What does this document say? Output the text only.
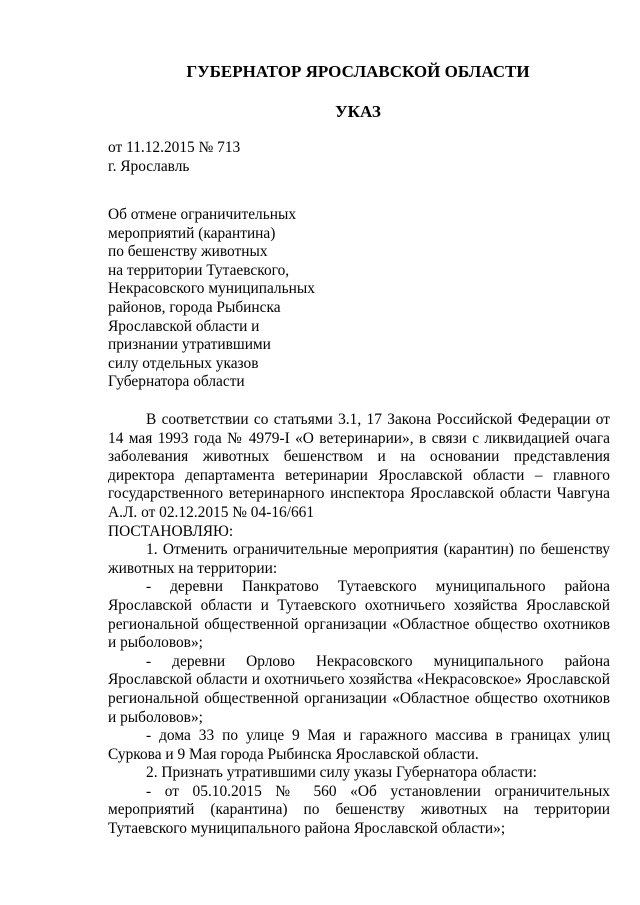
ГУБЕРНАТОР ЯРОСЛАВСКОЙ ОБЛАСТИ
УКАЗ
от 11.12.2015 № 713
г. Ярославль
Об отмене ограничительных
мероприятий (карантина)
по бешенству животных
на территории Тутаевского,
Некрасовского муниципальных
районов, города Рыбинска
Ярославской области и
признании утратившими
силу отдельных указов
Губернатора области

В соответствии со статьями 3.1, 17 Закона Российской Федерации от 14 мая 1993 года № 4979-I «О ветеринарии», в связи с ликвидацией очага заболевания животных бешенством и на основании представления директора департамента ветеринарии Ярославской области – главного государственного ветеринарного инспектора Ярославской области Чавгуна А.Л. от 02.12.2015 № 04-16/661

ПОСТАНОВЛЯЮ:

1. Отменить ограничительные мероприятия (карантин) по бешенству животных на территории:

- деревни Панкратово Тутаевского муниципального района Ярославской области и Тутаевского охотничьего хозяйства Ярославской региональной общественной организации «Областное общество охотников и рыболовов»;

- деревни Орлово Некрасовского муниципального района Ярославской области и охотничьего хозяйства «Некрасовское» Ярославской региональной общественной организации «Областное общество охотников и рыболовов»;

- дома 33 по улице 9 Мая и гаражного массива в границах улиц Суркова и 9 Мая города Рыбинска Ярославской области.

2. Признать утратившими силу указы Губернатора области:

- от 05.10.2015 № 560 «Об установлении ограничительных мероприятий (карантина) по бешенству животных на территории Тутаевского муниципального района Ярославской области»;
